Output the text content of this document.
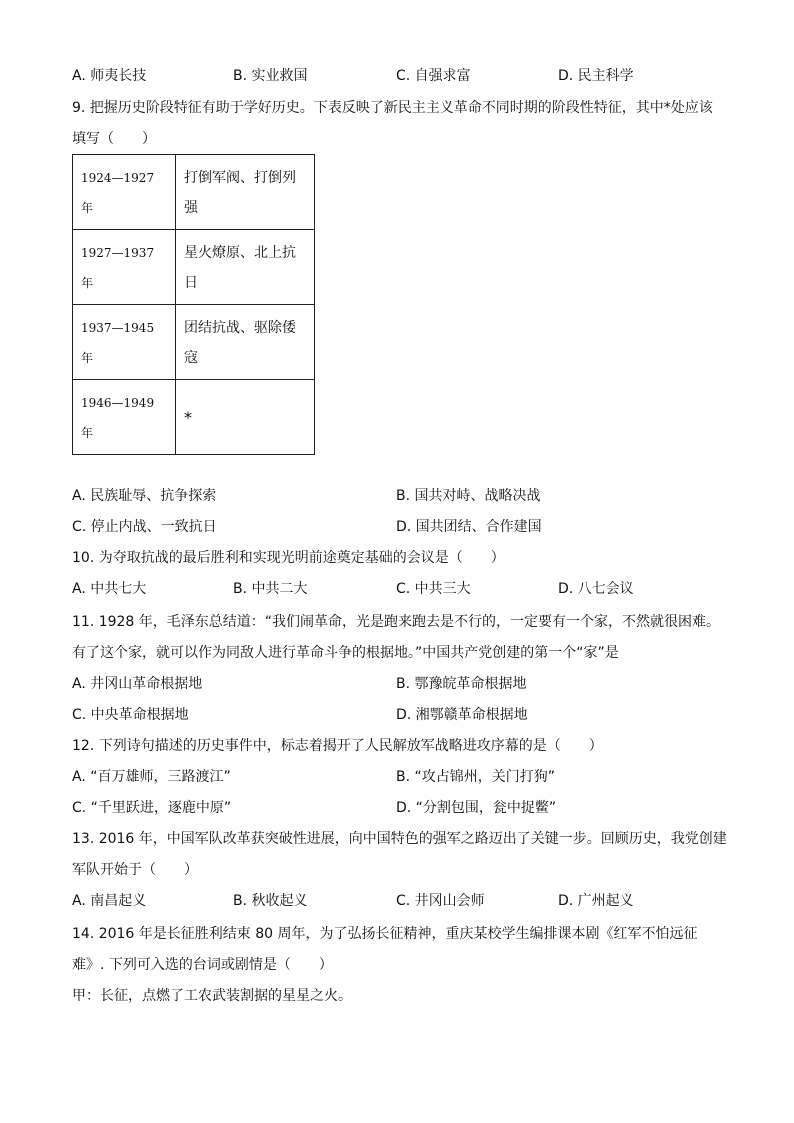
A. 师夷长技	B. 实业救国	C. 自强求富	D. 民主科学
9. 把握历史阶段特征有助于学好历史。下表反映了新民主主义革命不同时期的阶段性特征，其中*处应该
填写（　　）
1924—1927
年	打倒军阀、打倒列
强

1927—1937
年	星火燎原、北上抗
日

1937—1945
年	团结抗战、驱除倭
寇

1946—1949
年	*
A. 民族耻辱、抗争探索	B. 国共对峙、战略决战
C. 停止内战、一致抗日	D. 国共团结、合作建国
10. 为夺取抗战的最后胜利和实现光明前途奠定基础的会议是（　　）
A. 中共七大	B. 中共二大	C. 中共三大	D. 八七会议
11. 1928 年，毛泽东总结道：“我们闹革命，光是跑来跑去是不行的，一定要有一个家，不然就很困难。
有了这个家，就可以作为同敌人进行革命斗争的根据地。”中国共产党创建的第一个“家”是
A. 井冈山革命根据地	B. 鄂豫皖革命根据地
C. 中央革命根据地	D. 湘鄂赣革命根据地
12. 下列诗句描述的历史事件中，标志着揭开了人民解放军战略进攻序幕的是（　　）
A. “百万雄师，三路渡江”	B. “攻占锦州，关门打狗”
C. “千里跃进，逐鹿中原”	D. “分割包围，瓮中捉鳖”
13. 2016 年，中国军队改革获突破性进展，向中国特色的强军之路迈出了关键一步。回顾历史，我党创建
军队开始于（　　）
A. 南昌起义	B. 秋收起义	C. 井冈山会师	D. 广州起义
14. 2016 年是长征胜利结束 80 周年，为了弘扬长征精神，重庆某校学生编排课本剧《红军不怕远征
难》. 下列可入选的台词或剧情是（　　）
甲：长征，点燃了工农武装割据的星星之火。
